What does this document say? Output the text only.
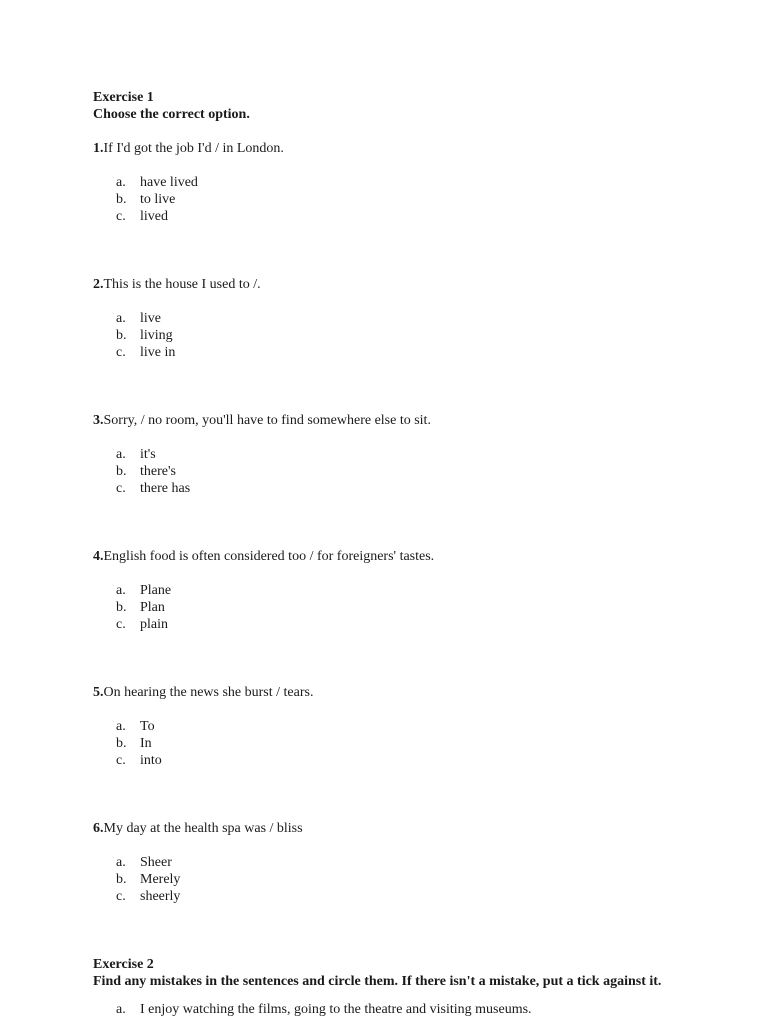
Exercise 1
Choose the correct option.
1.If I'd got the job I'd / in London.
a.	have lived
b. to live
c.	lived
2.This is the house I used to /.
a.	live
b. living
c.	live in
3.Sorry, / no room, you'll have to find somewhere else to sit.
a.	it's
b. there's
c.	there has
4.English food is often considered too / for foreigners' tastes.
a.	Plane
b. Plan
c.	plain
5.On hearing the news she burst / tears.
a.	To
b. In
c.	into
6.My day at the health spa was / bliss
a.	Sheer
b. Merely
c.	sheerly
Exercise 2
Find any mistakes in the sentences and circle them. If there isn't a mistake, put a tick against it.
a.	I enjoy watching the films, going to the theatre and visiting museums.
